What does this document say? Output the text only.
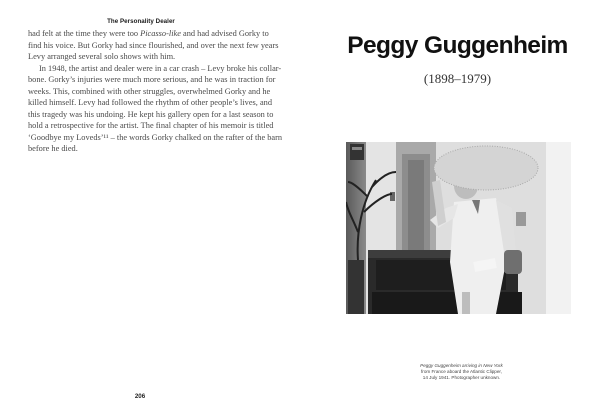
The Personality Dealer

had felt at the time they were too Picasso-like and had advised Gorky to
find his voice. But Gorky had since flourished, and over the next few years
Levy arranged several solo shows with him.

In 1948, the artist and dealer were in a car crash – Levy broke his collar-
bone. Gorky’s injuries were much more serious, and he was in traction for
weeks. This, combined with other struggles, overwhelmed Gorky and he
killed himself. Levy had followed the rhythm of other people’s lives, and
this tragedy was his undoing. He kept his gallery open for a last season to
hold a retrospective for the artist. The final chapter of his memoir is titled
‘Goodbye my Loveds’¹¹ – the words Gorky chalked on the rafter of the barn
before he died.

206
Peggy Guggenheim
(1898–1979)
Peggy Guggenheim arriving in New York
from France aboard the Atlantic Clipper,
14 July 1941. Photographer unknown.
